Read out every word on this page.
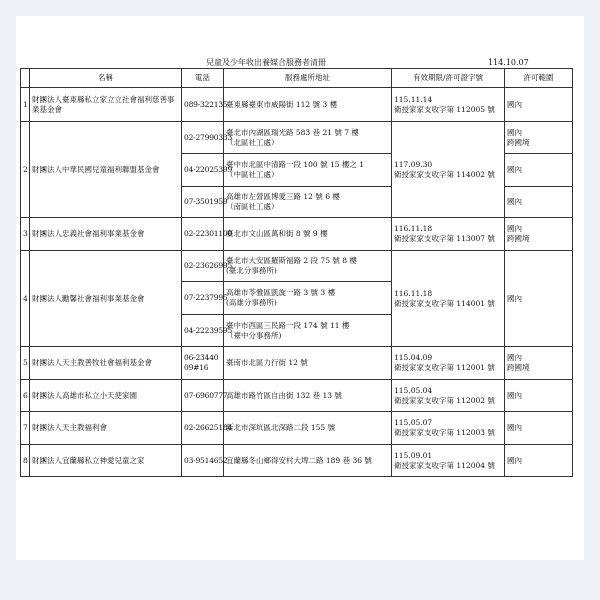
兒童及少年收出養媒合服務者清冊	114.10.07
	名稱	電話	服務處所地址	有效期限/許可證字號	許可範圍
1	財團法人臺東縣私立家立立社會福利慈善事業基金會	089-322135	臺東縣臺東市威陽街 112 號 3 樓	115.11.14
衛授家家支收字第 112005 號	國內

2	財團法人中華民國兒童福利聯盟基金會	02-27990333	臺北市內湖區瑞光路 583 巷 21 號 7 樓
（北區社工處）	117.09.30
衛授家家支收字第 114002 號	國內
跨國境

		04-22025399	臺中市北區中清路一段 100 號 15 樓之 1
（中區社工處）		國內

		07-3501959	高雄市左營區博愛三路 12 號 6 樓
（南區社工處）		國內

3	財團法人忠義社會福利事業基金會	02-22301100	臺北市文山區萬和街 8 號 9 樓	116.11.18
衛授家家支收字第 113007 號	國內
跨國境

4	財團法人勵馨社會福利事業基金會	02-23626995	臺北市大安區羅斯福路 2 段 75 號 8 樓
(臺北分事務所)	116.11.18
衛授家家支收字第 114001 號	國內

		07-2237995	高雄市苓雅區凱旋一路 3 號 3 樓
(高雄分事務所)		

		04-22239595	臺中市西區三民路一段 174 號 11 樓
（臺中分事務所)		

5	財團法人天主教善牧社會福利基金會	06-2344009#16	臺南市北區力行街 12 號	115.04.09
衛授家家支收字第 112001 號	國內
跨國境

6	財團法人高雄市私立小天使家園	07-6960777	高雄市路竹區自由街 132 巷 13 號	115.05.04
衛授家家支收字第 112002 號	國內

7	財團法人天主教福利會	02-26625184	新北市深坑區北深路二段 155 號	115.05.07
衛授家家支收字第 112003 號	國內

8	財團法人宜蘭縣私立神愛兒童之家	03-9514652	宜蘭縣冬山鄉得安村大埤二路 189 巷 36 號	115.09.01
衛授家家支收字第 112004 號	國內
